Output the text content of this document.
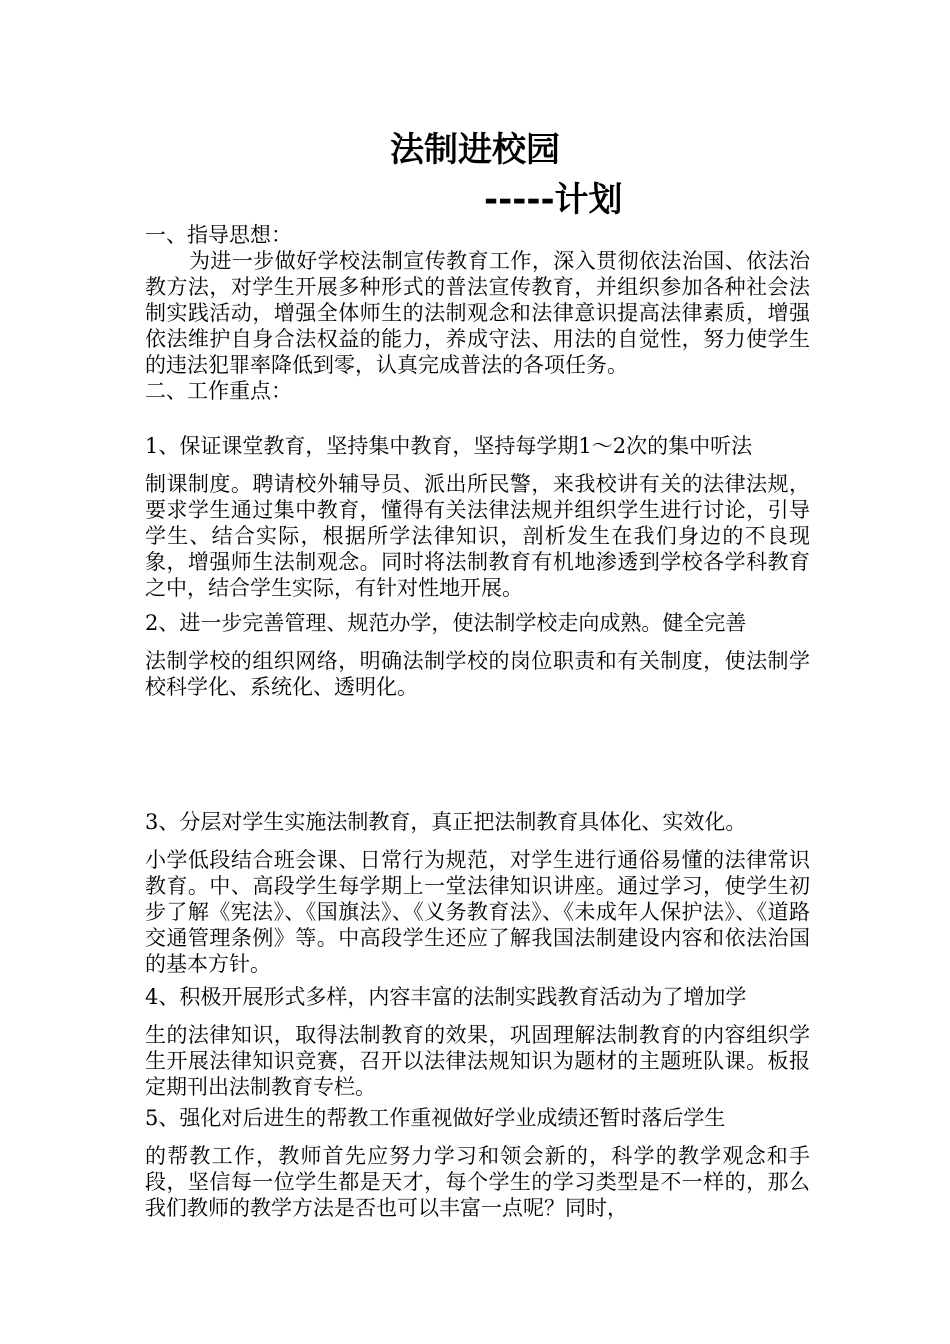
法制进校园
-----计划

一、指导思想：

为进一步做好学校法制宣传教育工作，深入贯彻依法治国、依法治教方法，对学生开展多种形式的普法宣传教育，并组织参加各种社会法制实践活动，增强全体师生的法制观念和法律意识提高法律素质，增强依法维护自身合法权益的能力，养成守法、用法的自觉性，努力使学生的违法犯罪率降低到零，认真完成普法的各项任务。

二、工作重点：

1、保证课堂教育，坚持集中教育，坚持每学期1～2次的集中听法

制课制度。聘请校外辅导员、派出所民警，来我校讲有关的法律法规，要求学生通过集中教育，懂得有关法律法规并组织学生进行讨论，引导学生、结合实际，根据所学法律知识，剖析发生在我们身边的不良现象，增强师生法制观念。同时将法制教育有机地渗透到学校各学科教育之中，结合学生实际，有针对性地开展。

2、进一步完善管理、规范办学，使法制学校走向成熟。健全完善

法制学校的组织网络，明确法制学校的岗位职责和有关制度，使法制学校科学化、系统化、透明化。

3、分层对学生实施法制教育，真正把法制教育具体化、实效化。

小学低段结合班会课、日常行为规范，对学生进行通俗易懂的法律常识教育。中、高段学生每学期上一堂法律知识讲座。通过学习，使学生初步了解《宪法》、《国旗法》、《义务教育法》、《未成年人保护法》、《道路交通管理条例》等。中高段学生还应了解我国法制建设内容和依法治国的基本方针。

4、积极开展形式多样，内容丰富的法制实践教育活动为了增加学

生的法律知识，取得法制教育的效果，巩固理解法制教育的内容组织学生开展法律知识竞赛，召开以法律法规知识为题材的主题班队课。板报定期刊出法制教育专栏。

5、强化对后进生的帮教工作重视做好学业成绩还暂时落后学生

的帮教工作，教师首先应努力学习和领会新的，科学的教学观念和手段，坚信每一位学生都是天才，每个学生的学习类型是不一样的，那么我们教师的教学方法是否也可以丰富一点呢？同时，
